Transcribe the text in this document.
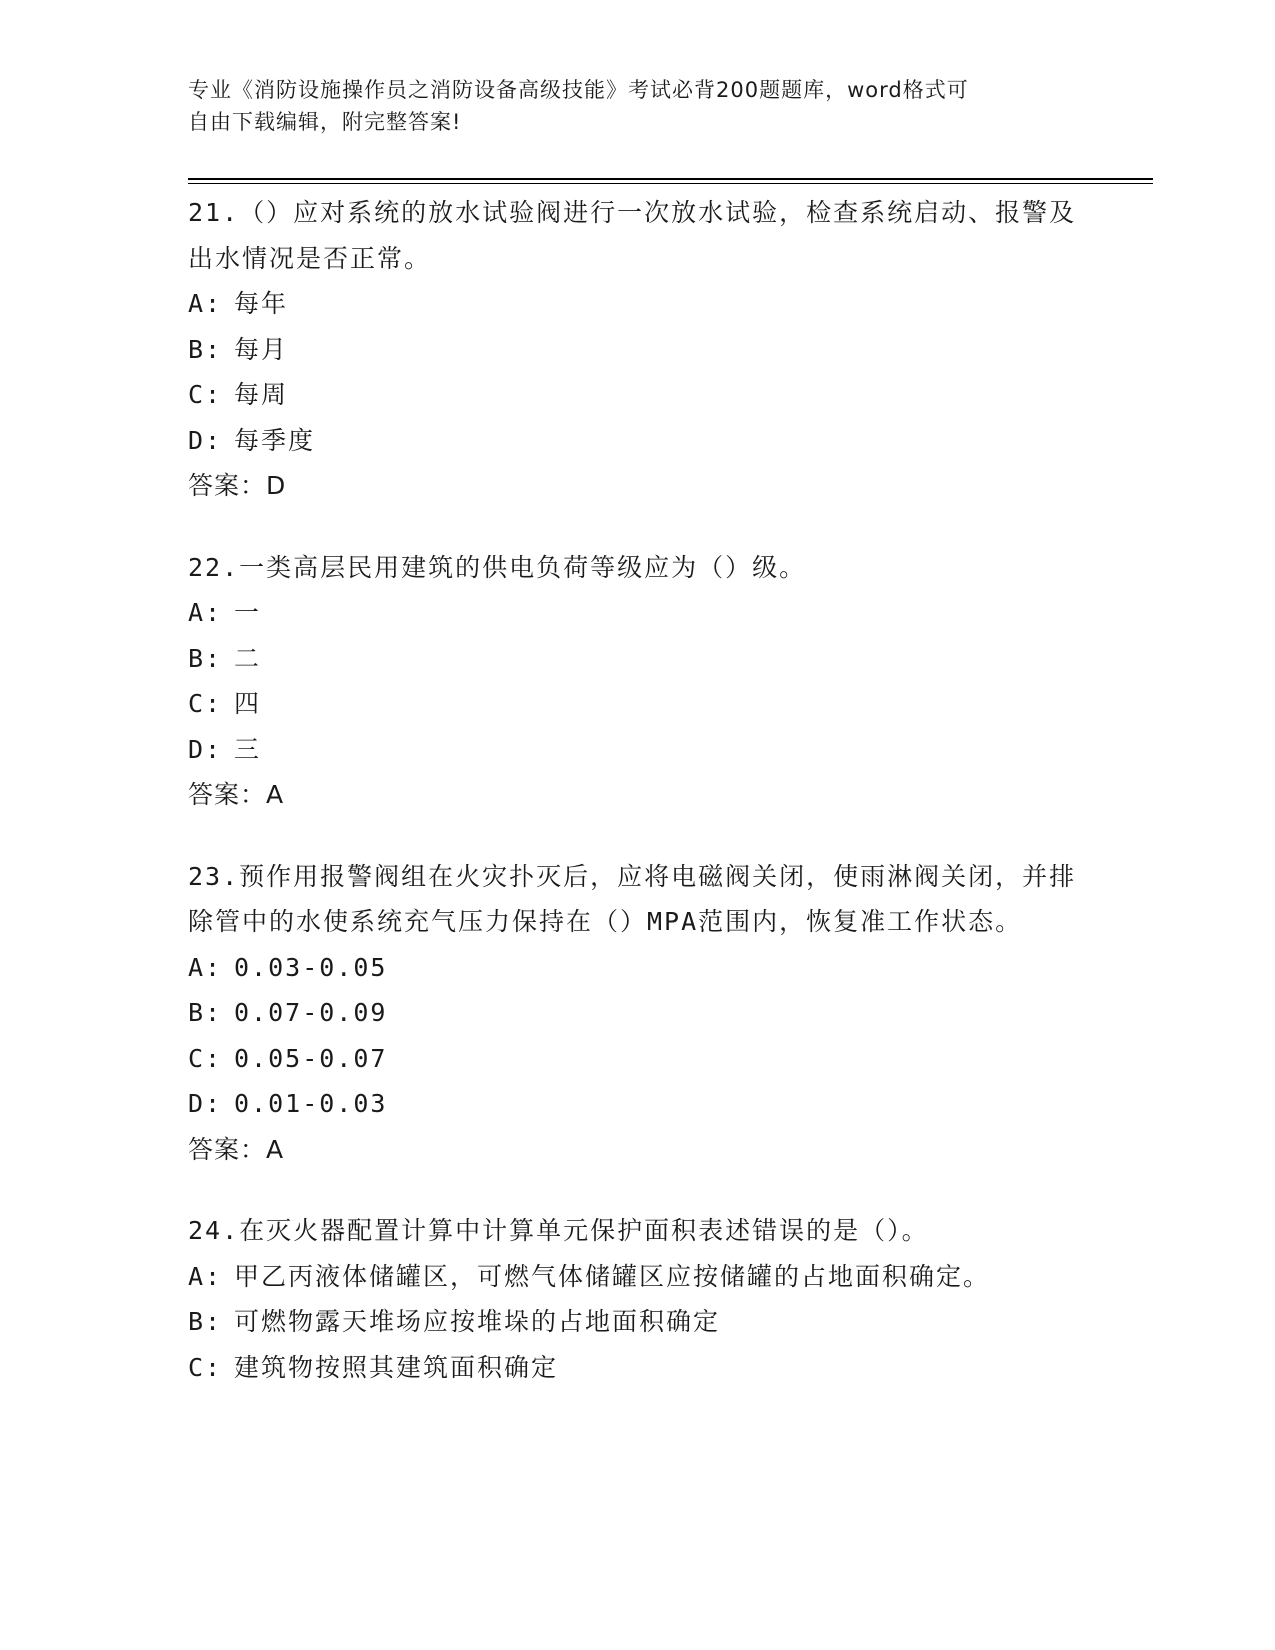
专业《消防设施操作员之消防设备高级技能》考试必背200题题库，word格式可
自由下载编辑，附完整答案!

21.（）应对系统的放水试验阀进行一次放水试验，检查系统启动、报警及出水情况是否正常。

A: 每年

B: 每月

C: 每周

D: 每季度

答案：D

22.一类高层民用建筑的供电负荷等级应为（）级。

A: 一

B: 二

C: 四

D: 三

答案：A

23.预作用报警阀组在火灾扑灭后，应将电磁阀关闭，使雨淋阀关闭，并排除管中的水使系统充气压力保持在（）MPA范围内，恢复准工作状态。

A: 0.03-0.05

B: 0.07-0.09

C: 0.05-0.07

D: 0.01-0.03

答案：A

24.在灭火器配置计算中计算单元保护面积表述错误的是（）。

A: 甲乙丙液体储罐区，可燃气体储罐区应按储罐的占地面积确定。

B: 可燃物露天堆场应按堆垛的占地面积确定

C: 建筑物按照其建筑面积确定
